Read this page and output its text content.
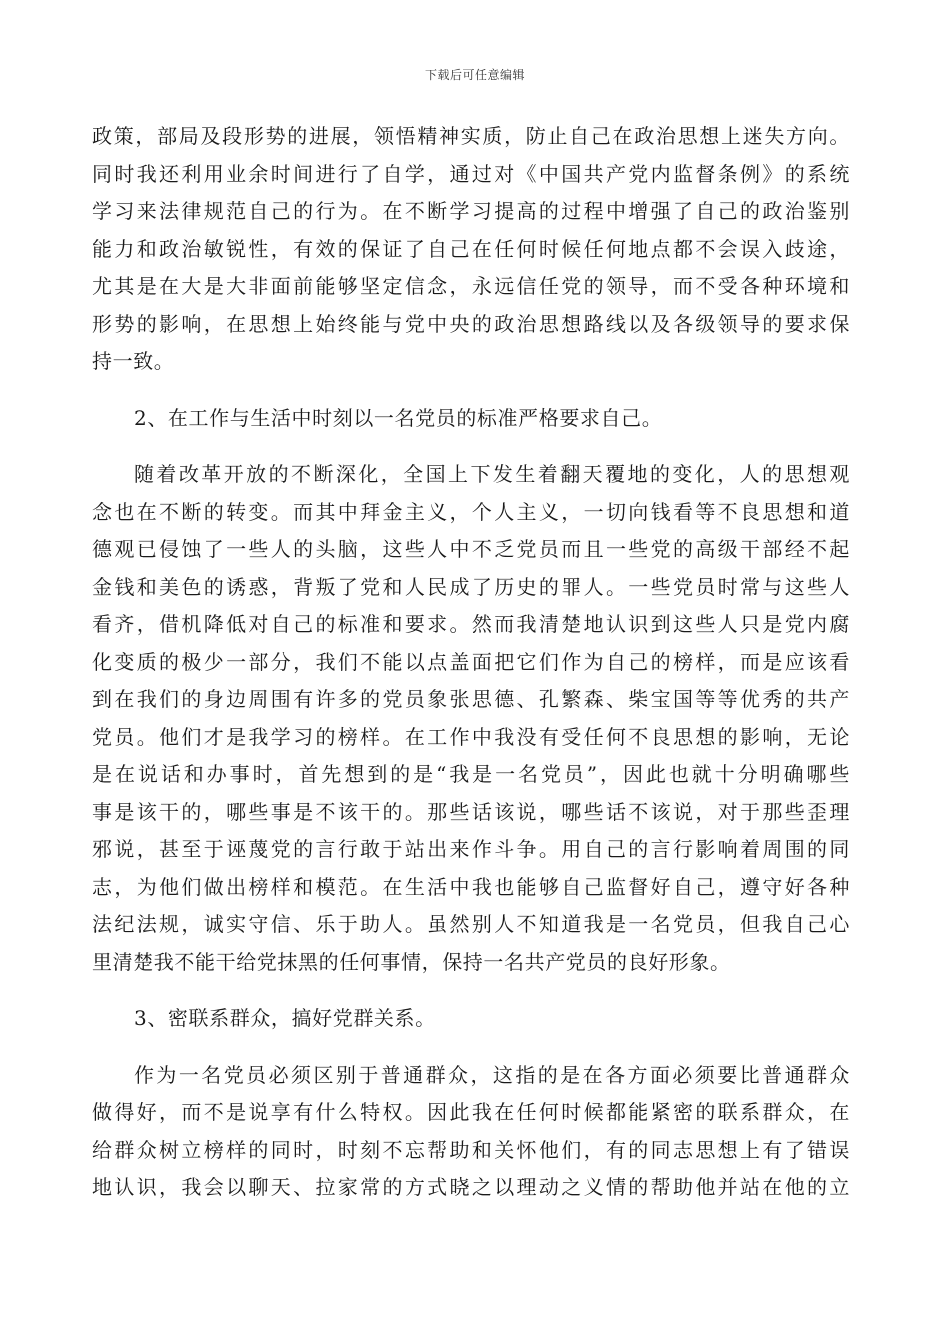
下载后可任意编辑
政策，部局及段形势的进展，领悟精神实质，防止自己在政治思想上迷失方向。
同时我还利用业余时间进行了自学，通过对《中国共产党内监督条例》的系统
学习来法律规范自己的行为。在不断学习提高的过程中增强了自己的政治鉴别
能力和政治敏锐性，有效的保证了自己在任何时候任何地点都不会误入歧途，
尤其是在大是大非面前能够坚定信念，永远信任党的领导，而不受各种环境和
形势的影响，在思想上始终能与党中央的政治思想路线以及各级领导的要求保
持一致。
2、在工作与生活中时刻以一名党员的标准严格要求自己。
随着改革开放的不断深化，全国上下发生着翻天覆地的变化，人的思想观
念也在不断的转变。而其中拜金主义，个人主义，一切向钱看等不良思想和道
德观已侵蚀了一些人的头脑，这些人中不乏党员而且一些党的高级干部经不起
金钱和美色的诱惑，背叛了党和人民成了历史的罪人。一些党员时常与这些人
看齐，借机降低对自己的标准和要求。然而我清楚地认识到这些人只是党内腐
化变质的极少一部分，我们不能以点盖面把它们作为自己的榜样，而是应该看
到在我们的身边周围有许多的党员象张思德、孔繁森、柴宝国等等优秀的共产
党员。他们才是我学习的榜样。在工作中我没有受任何不良思想的影响，无论
是在说话和办事时，首先想到的是“我是一名党员”，因此也就十分明确哪些
事是该干的，哪些事是不该干的。那些话该说，哪些话不该说，对于那些歪理
邪说，甚至于诬蔑党的言行敢于站出来作斗争。用自己的言行影响着周围的同
志，为他们做出榜样和模范。在生活中我也能够自己监督好自己，遵守好各种
法纪法规，诚实守信、乐于助人。虽然别人不知道我是一名党员，但我自己心
里清楚我不能干给党抹黑的任何事情，保持一名共产党员的良好形象。
3、密联系群众，搞好党群关系。
作为一名党员必须区别于普通群众，这指的是在各方面必须要比普通群众
做得好，而不是说享有什么特权。因此我在任何时候都能紧密的联系群众，在
给群众树立榜样的同时，时刻不忘帮助和关怀他们，有的同志思想上有了错误
地认识，我会以聊天、拉家常的方式晓之以理动之义情的帮助他并站在他的立
